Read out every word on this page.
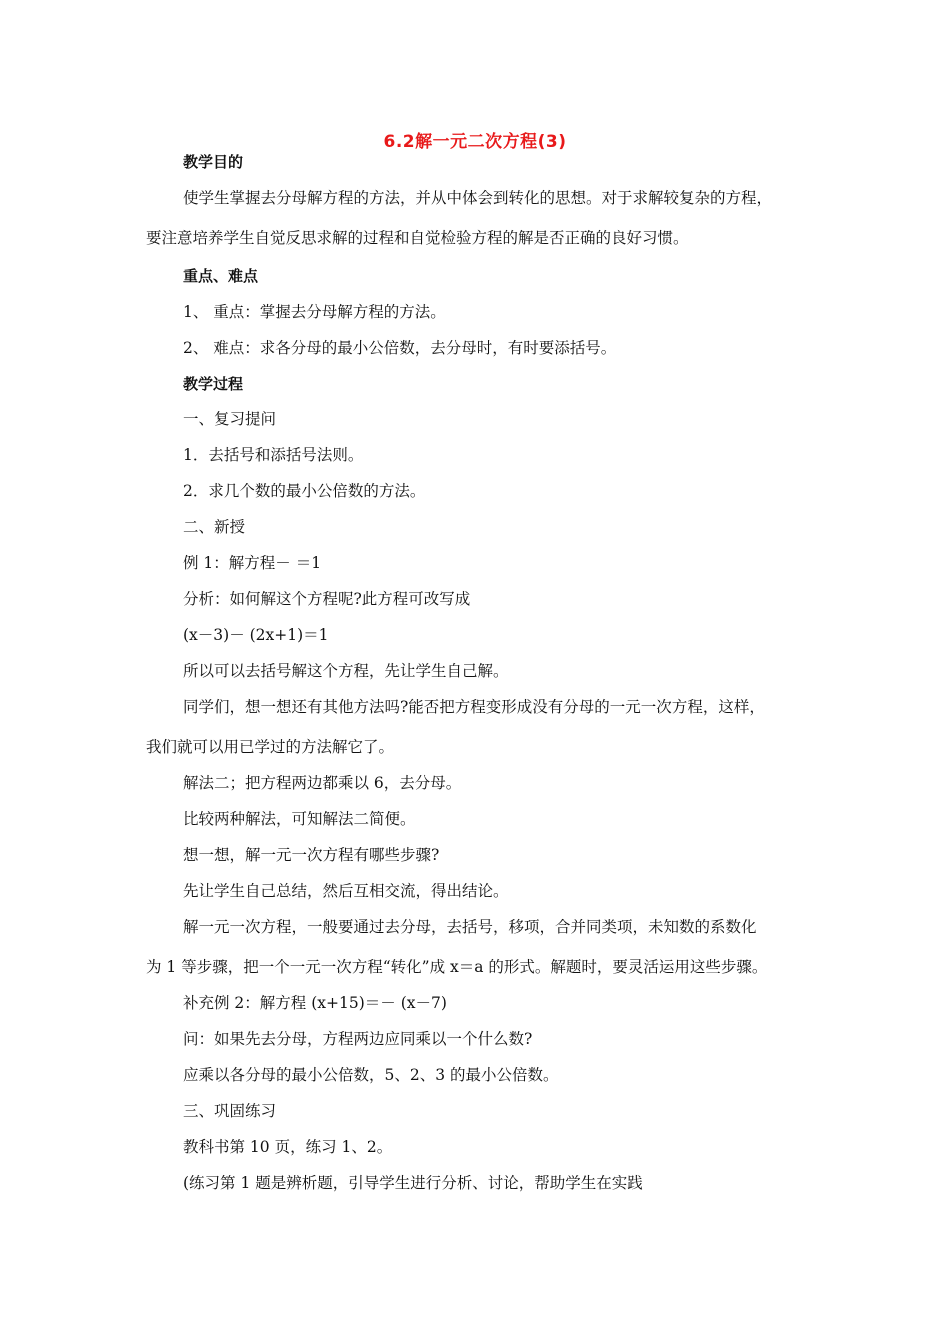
6.2解一元二次方程(3)
教学目的
使学生掌握去分母解方程的方法，并从中体会到转化的思想。对于求解较复杂的方程，
要注意培养学生自觉反思求解的过程和自觉检验方程的解是否正确的良好习惯。
重点、难点
1、 重点：掌握去分母解方程的方法。
2、 难点：求各分母的最小公倍数，去分母时，有时要添括号。
教学过程
一、复习提问
1．去括号和添括号法则。
2．求几个数的最小公倍数的方法。
二、新授
例 1：解方程－ ＝1
分析：如何解这个方程呢?此方程可改写成
(x－3)－ (2x+1)＝1
所以可以去括号解这个方程，先让学生自己解。
同学们，想一想还有其他方法吗?能否把方程变形成没有分母的一元一次方程，这样，
我们就可以用已学过的方法解它了。
解法二；把方程两边都乘以 6，去分母。
比较两种解法，可知解法二简便。
想一想，解一元一次方程有哪些步骤?
先让学生自己总结，然后互相交流，得出结论。
解一元一次方程，一般要通过去分母，去括号，移项，合并同类项，未知数的系数化
为 1 等步骤，把一个一元一次方程“转化”成 x＝a 的形式。解题时，要灵活运用这些步骤。
补充例 2：解方程 (x+15)＝－ (x－7)
问：如果先去分母，方程两边应同乘以一个什么数?
应乘以各分母的最小公倍数，5、2、3 的最小公倍数。
三、巩固练习
教科书第 10 页，练习 1、2。
(练习第 1 题是辨析题，引导学生进行分析、讨论，帮助学生在实践
